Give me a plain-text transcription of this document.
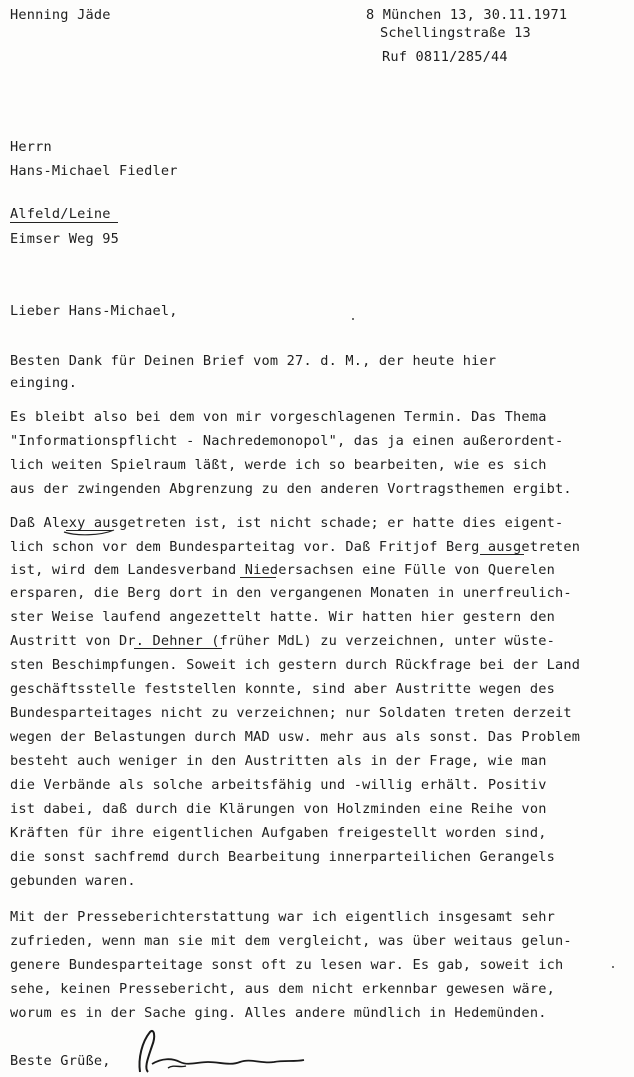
Henning Jäde	8 München 13, 30.11.1971
Schellingstraße 13
Ruf 0811/285/44
Herrn
Hans-Michael Fiedler
Alfeld/Leine
Eimser Weg 95
Lieber Hans-Michael,
Besten Dank für Deinen Brief vom 27. d. M., der heute hier
einging.
Es bleibt also bei dem von mir vorgeschlagenen Termin. Das Thema
"Informationspflicht - Nachredemonopol", das ja einen außerordent-
lich weiten Spielraum läßt, werde ich so bearbeiten, wie es sich
aus der zwingenden Abgrenzung zu den anderen Vortragsthemen ergibt.
Daß Alexy ausgetreten ist, ist nicht schade; er hatte dies eigent-
lich schon vor dem Bundesparteitag vor. Daß Fritjof Berg ausgetreten
ist, wird dem Landesverband Niedersachsen eine Fülle von Querelen
ersparen, die Berg dort in den vergangenen Monaten in unerfreulich-
ster Weise laufend angezettelt hatte. Wir hatten hier gestern den
Austritt von Dr. Dehner (früher MdL) zu verzeichnen, unter wüste-
sten Beschimpfungen. Soweit ich gestern durch Rückfrage bei der Land
geschäftsstelle feststellen konnte, sind aber Austritte wegen des
Bundesparteitages nicht zu verzeichnen; nur Soldaten treten derzeit
wegen der Belastungen durch MAD usw. mehr aus als sonst. Das Problem
besteht auch weniger in den Austritten als in der Frage, wie man
die Verbände als solche arbeitsfähig und -willig erhält. Positiv
ist dabei, daß durch die Klärungen von Holzminden eine Reihe von
Kräften für ihre eigentlichen Aufgaben freigestellt worden sind,
die sonst sachfremd durch Bearbeitung innerparteilichen Gerangels
gebunden waren.
Mit der Presseberichterstattung war ich eigentlich insgesamt sehr
zufrieden, wenn man sie mit dem vergleicht, was über weitaus gelun-
genere Bundesparteitage sonst oft zu lesen war. Es gab, soweit ich
sehe, keinen Pressebericht, aus dem nicht erkennbar gewesen wäre,
worum es in der Sache ging. Alles andere mündlich in Hedemünden.
Beste Grüße,
